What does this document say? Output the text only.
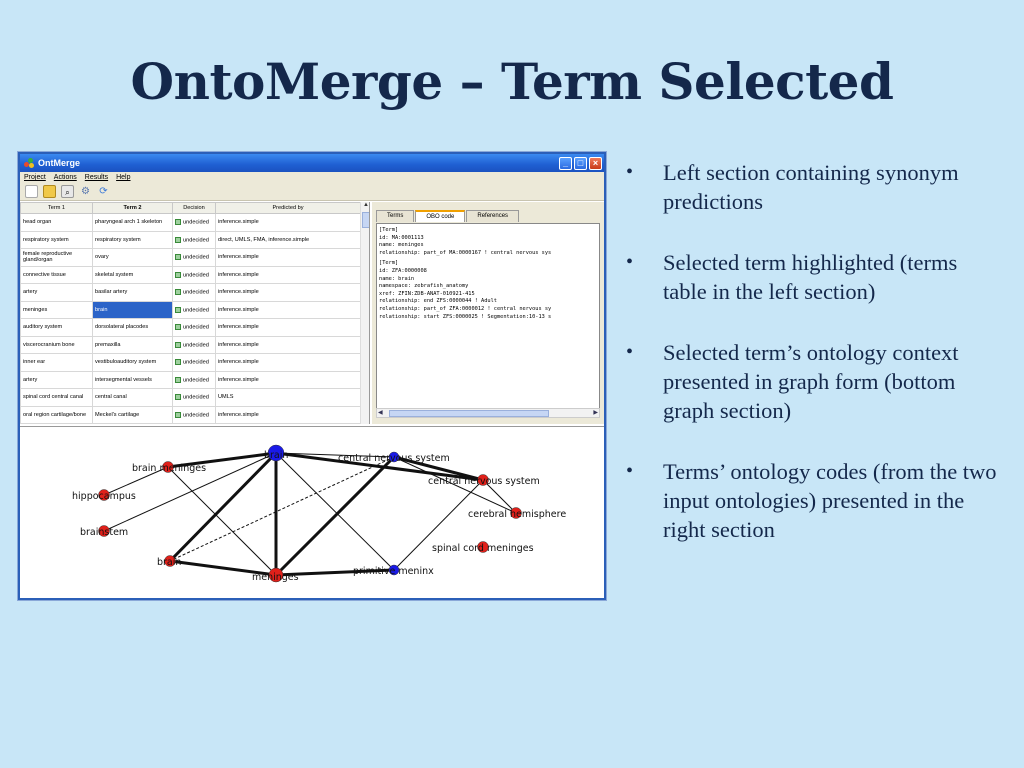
OntoMerge – Term Selected
OntMerge	_	□	×
Project Actions Results Help
⌕	⚙ ⟳
Term 1	Term 2	Decision	Predicted by
head organ	pharyngeal arch 1 skeleton	undecided	inference.simple
respiratory system	respiratory system	undecided	direct, UMLS, FMA, inference.simple
female reproductive gland/organ	ovary	undecided	inference.simple
connective tissue	skeletal system	undecided	inference.simple
artery	basilar artery	undecided	inference.simple
meninges	brain	undecided	inference.simple
auditory system	dorsolateral placodes	undecided	inference.simple
viscerocranium bone	premaxilla	undecided	inference.simple
inner ear	vestibuloauditory system	undecided	inference.simple
artery	intersegmental vessels	undecided	inference.simple
spinal cord central canal	central canal	undecided	UMLS
oral region cartilage/bone	Meckel's cartilage	undecided	inference.simple
▲
Terms	OBO code	References
[Term]
id: MA:0001113
name: meninges
relationship: part_of MA:0000167 ! central nervous sys

[Term]
id: ZFA:0000008
name: brain
namespace: zebrafish_anatomy
xref: ZFIN:ZDB-ANAT-010921-415
relationship: end ZFS:0000044 ! Adult
relationship: part_of ZFA:0000012 ! central nervous sy
relationship: start ZFS:0000025 ! Segmentation:10-13 s
◀	▶
brain	central nervous system
brain meninges
central nervous system
hippocampus
cerebral hemisphere
brainstem
spinal cord meninges
brain
primitive meninx
meninges
• Left section containing synonym predictions
• Selected term highlighted (terms table in the left section)
• Selected term’s ontology context presented in graph form (bottom graph section)
• Terms’ ontology codes (from the two input ontologies) presented in the right section
